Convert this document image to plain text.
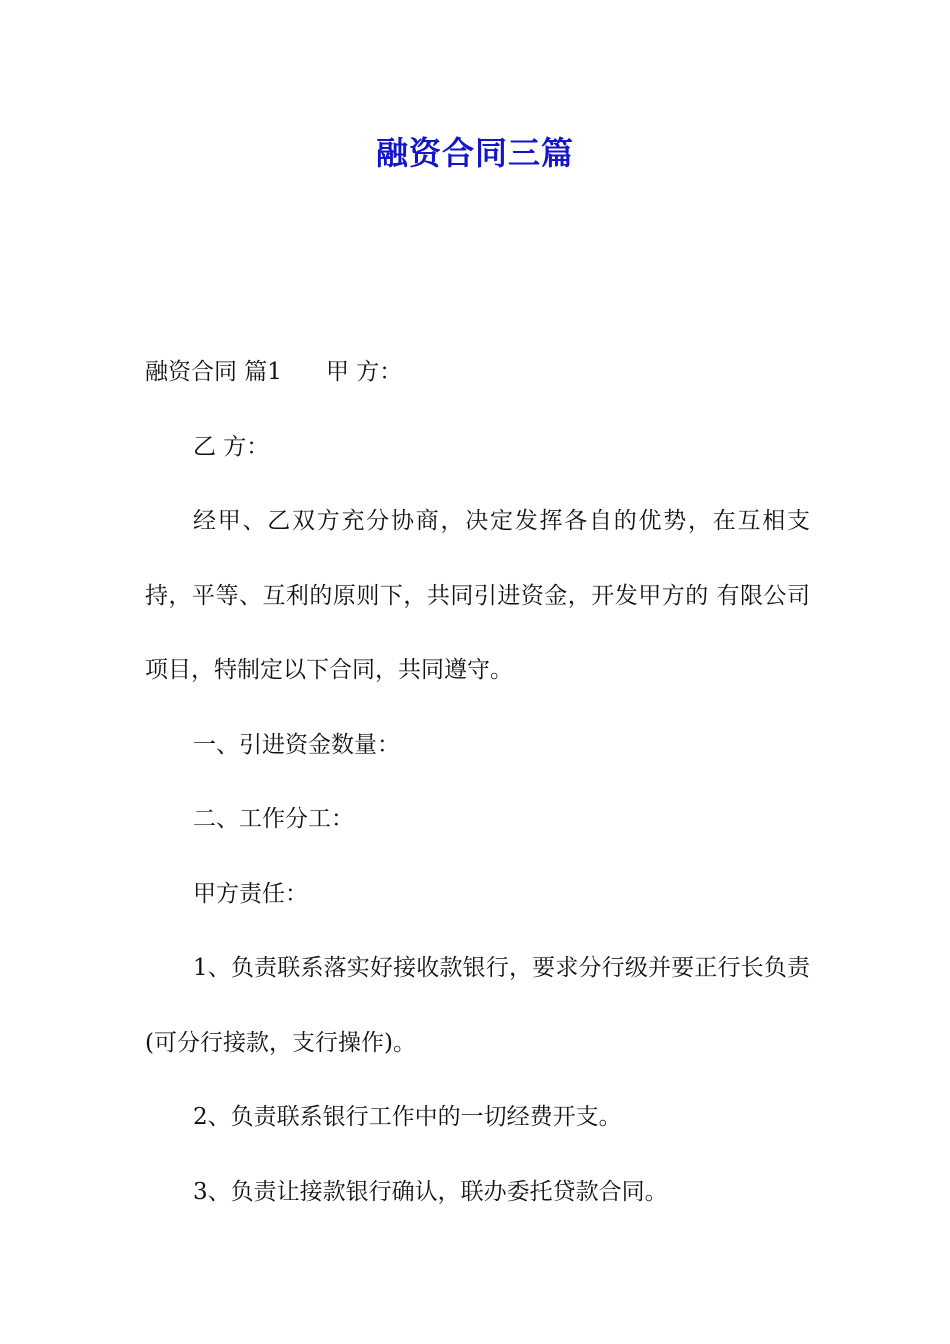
融资合同三篇

融资合同 篇1 甲 方：

乙 方：

经甲、乙双方充分协商，决定发挥各自的优势，在互相支持，平等、互利的原则下，共同引进资金，开发甲方的 有限公司项目，特制定以下合同，共同遵守。

一、引进资金数量：

二、工作分工：

甲方责任：

1、负责联系落实好接收款银行，要求分行级并要正行长负责(可分行接款，支行操作)。

2、负责联系银行工作中的一切经费开支。

3、负责让接款银行确认，联办委托贷款合同。
